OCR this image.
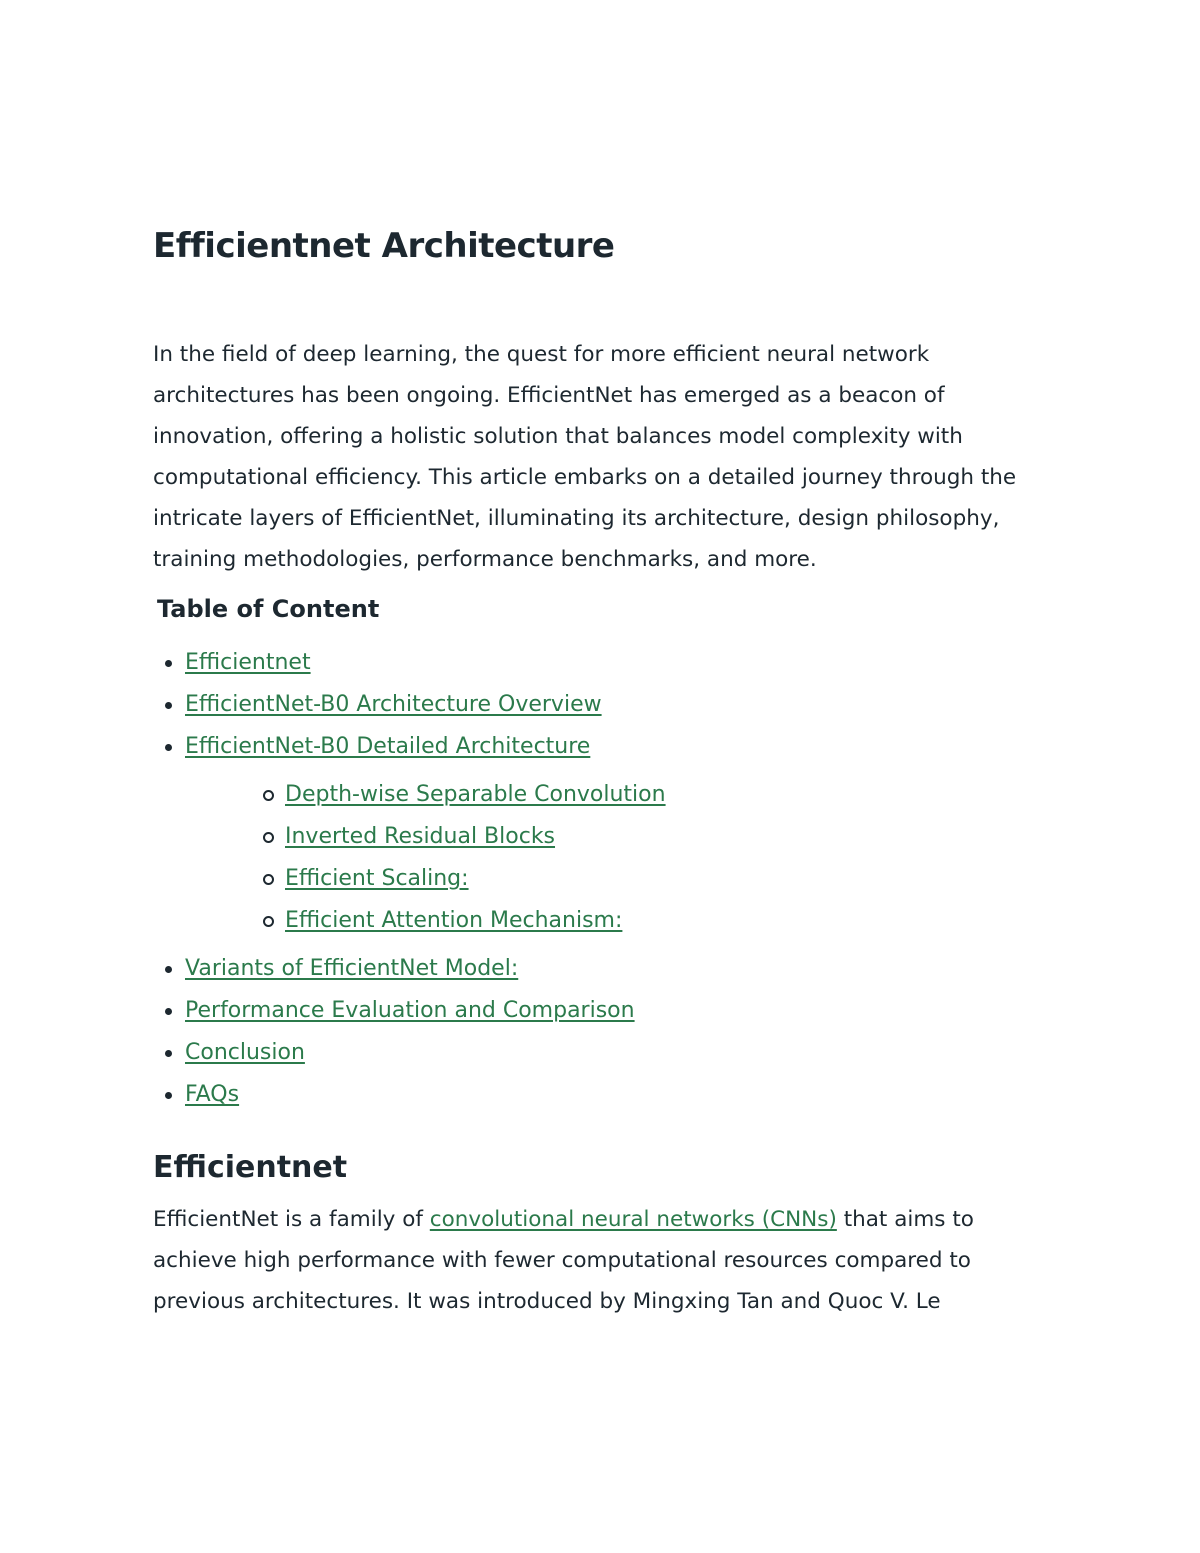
Efficientnet Architecture

In the field of deep learning, the quest for more efficient neural network architectures has been ongoing. EfficientNet has emerged as a beacon of innovation, offering a holistic solution that balances model complexity with computational efficiency. This article embarks on a detailed journey through the intricate layers of EfficientNet, illuminating its architecture, design philosophy, training methodologies, performance benchmarks, and more.

Table of Content
Efficientnet
EfficientNet-B0 Architecture Overview
EfficientNet-B0 Detailed Architecture
Depth-wise Separable Convolution
Inverted Residual Blocks
Efficient Scaling:
Efficient Attention Mechanism:
Variants of EfficientNet Model:
Performance Evaluation and Comparison
Conclusion
FAQs
Efficientnet

EfficientNet is a family of convolutional neural networks (CNNs) that aims to achieve high performance with fewer computational resources compared to previous architectures. It was introduced by Mingxing Tan and Quoc V. Le
